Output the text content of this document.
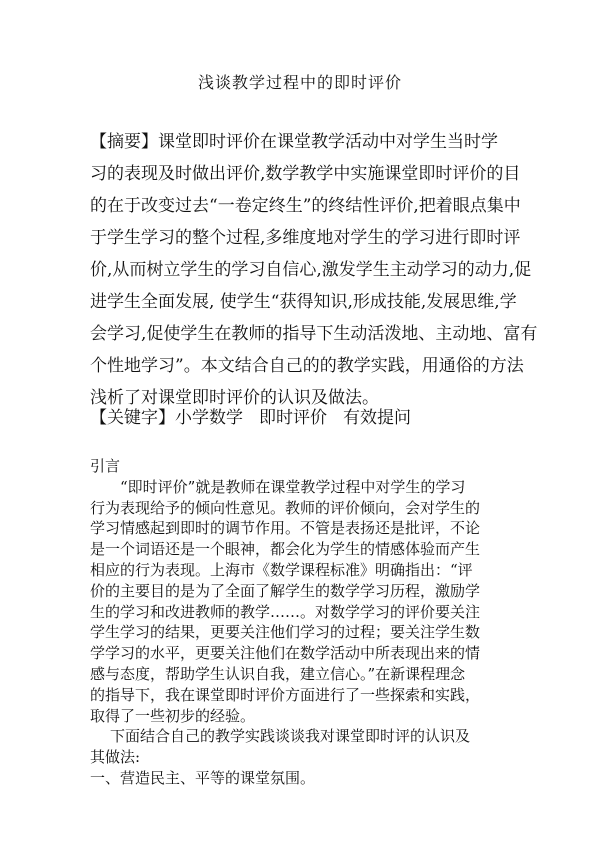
浅谈教学过程中的即时评价
【摘要】课堂即时评价在课堂教学活动中对学生当时学
习的表现及时做出评价,数学教学中实施课堂即时评价的目
的在于改变过去“一卷定终生”的终结性评价,把着眼点集中
于学生学习的整个过程,多维度地对学生的学习进行即时评
价,从而树立学生的学习自信心,激发学生主动学习的动力,促
进学生全面发展, 使学生“获得知识,形成技能,发展思维,学
会学习,促使学生在教师的指导下生动活泼地、主动地、富有
个性地学习”。本文结合自己的的教学实践，用通俗的方法
浅析了对课堂即时评价的认识及做法。
【关键字】小学数学 即时评价 有效提问
引言
“即时评价”就是教师在课堂教学过程中对学生的学习
行为表现给予的倾向性意见。教师的评价倾向，会对学生的
学习情感起到即时的调节作用。不管是表扬还是批评，不论
是一个词语还是一个眼神，都会化为学生的情感体验而产生
相应的行为表现。上海市《数学课程标准》明确指出：“评
价的主要目的是为了全面了解学生的数学学习历程，激励学
生的学习和改进教师的教学……。对数学学习的评价要关注
学生学习的结果，更要关注他们学习的过程；要关注学生数
学学习的水平，更要关注他们在数学活动中所表现出来的情
感与态度，帮助学生认识自我，建立信心。”在新课程理念
的指导下，我在课堂即时评价方面进行了一些探索和实践，
取得了一些初步的经验。
下面结合自己的教学实践谈谈我对课堂即时评的认识及
其做法:
一、营造民主、平等的课堂氛围。
